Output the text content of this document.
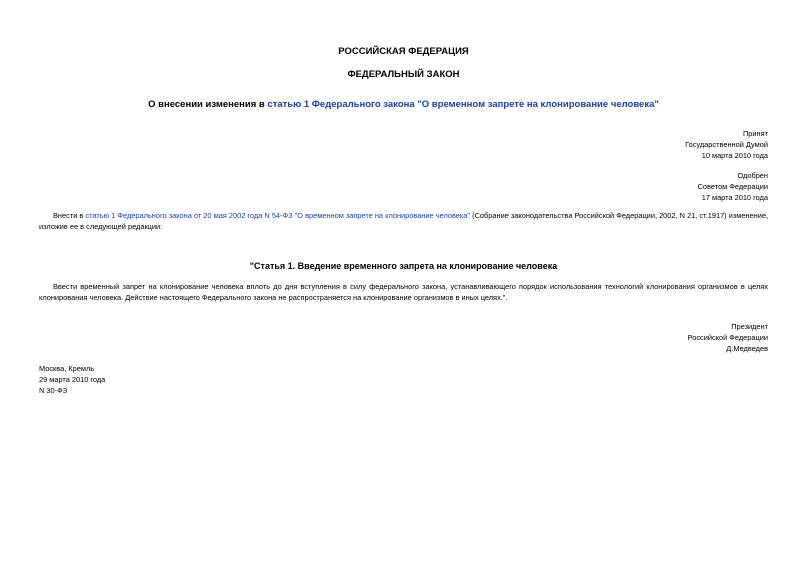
РОССИЙСКАЯ ФЕДЕРАЦИЯ
ФЕДЕРАЛЬНЫЙ ЗАКОН
О внесении изменения в статью 1 Федерального закона "О временном запрете на клонирование человека"
Принят
Государственной Думой
10 марта 2010 года
Одобрен
Советом Федерации
17 марта 2010 года
Внести в статью 1 Федерального закона от 20 мая 2002 года N 54-ФЗ "О временном запрете на клонирование человека" (Собрание законодательства Российской Федерации, 2002, N 21, ст.1917) изменение, изложив ее в следующей редакции:
"Статья 1. Введение временного запрета на клонирование человека
Ввести временный запрет на клонирование человека вплоть до дня вступления в силу федерального закона, устанавливающего порядок использования технологий клонирования организмов в целях клонирования человека. Действие настоящего Федерального закона не распространяется на клонирование организмов в иных целях.".
Президент
Российской Федерации
Д.Медведев
Москва, Кремль
29 марта 2010 года
N 30-ФЗ
